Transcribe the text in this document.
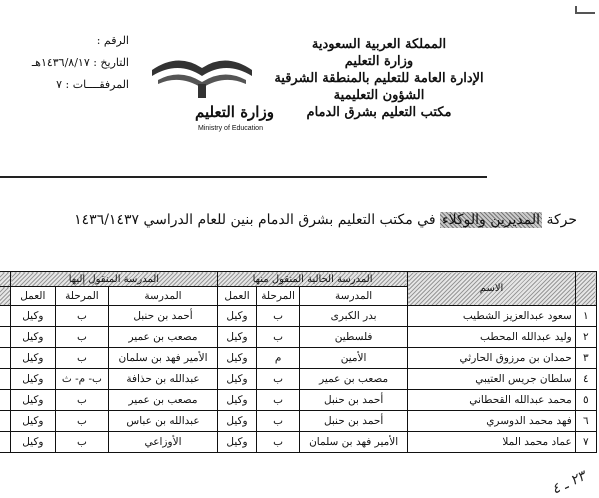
المملكة العربية السعودية
وزارة التعليم
الإدارة العامة للتعليم بالمنطقة الشرقية
الشؤون التعليمية
مكتب التعليم بشرق الدمام
الرقم :
التاريخ : ١٤٣٦/٨/١٧هـ
المرفقــــات : ٧
وزارة التعليم
Ministry of Education
حركة المديرين والوكلاء في مكتب التعليم بشرق الدمام بنين للعام الدراسي ١٤٣٦/١٤٣٧
	الاسم	المدرسة الحالية المنقول منها			المدرسة المنقول إليها			
		المدرسة	المرحلة	العمل	المدرسة	المرحلة	العمل	
١	سعود عبدالعزيز الشطيب	بدر الكبرى	ب	وكيل	أحمد بن حنبل	ب	وكيل	
٢	وليد عبدالله المحطب	فلسطين	ب	وكيل	مصعب بن عمير	ب	وكيل	
٣	حمدان بن مرزوق الحارثي	الأمين	م	وكيل	الأمير فهد بن سلمان	ب	وكيل	
٤	سلطان جريس العتيبي	مصعب بن عمير	ب	وكيل	عبدالله بن حذافة	ب- م- ث	وكيل	
٥	محمد عبدالله القحطاني	أحمد بن حنبل	ب	وكيل	مصعب بن عمير	ب	وكيل	
٦	فهد محمد الدوسري	أحمد بن حنبل	ب	وكيل	عبدالله بن عباس	ب	وكيل	
٧	عماد محمد الملا	الأمير فهد بن سلمان	ب	وكيل	الأوزاعي	ب	وكيل	
٢٣ ـ ٤
